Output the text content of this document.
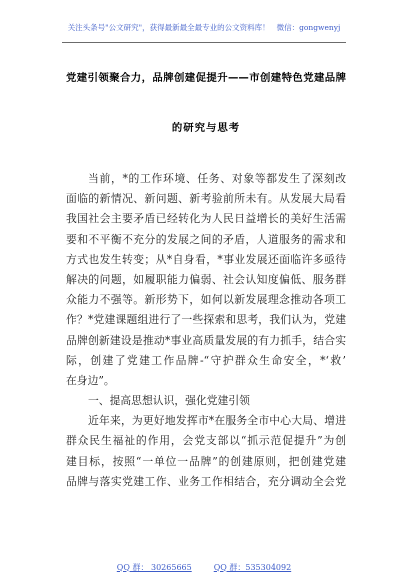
关注头条号"公文研究"，获得最新最全最专业的公文资料库！ 微信：gongwenyj
党建引领聚合力，品牌创建促提升——市创建特色党建品牌
的研究与思考
当前，*的工作环境、任务、对象等都发生了深刻改
面临的新情况、新问题、新考验前所未有。从发展大局看
我国社会主要矛盾已经转化为人民日益增长的美好生活需
要和不平衡不充分的发展之间的矛盾，人道服务的需求和
方式也发生转变；从*自身看，*事业发展还面临许多亟待
解决的问题，如履职能力偏弱、社会认知度偏低、服务群
众能力不强等。新形势下，如何以新发展理念推动各项工
作？*党建课题组进行了一些探索和思考，我们认为，党建
品牌创新建设是推动*事业高质量发展的有力抓手，结合实
际，创建了党建工作品牌-“守护群众生命安全，*‘救’
在身边”。
一、提高思想认识，强化党建引领
近年来，为更好地发挥市*在服务全市中心大局、增进
群众民生福祉的作用，会党支部以“抓示范促提升”为创
建目标，按照“一单位一品牌”的创建原则，把创建党建
品牌与落实党建工作、业务工作相结合，充分调动全会党
QQ 群： 30265665	QQ 群：535304092
